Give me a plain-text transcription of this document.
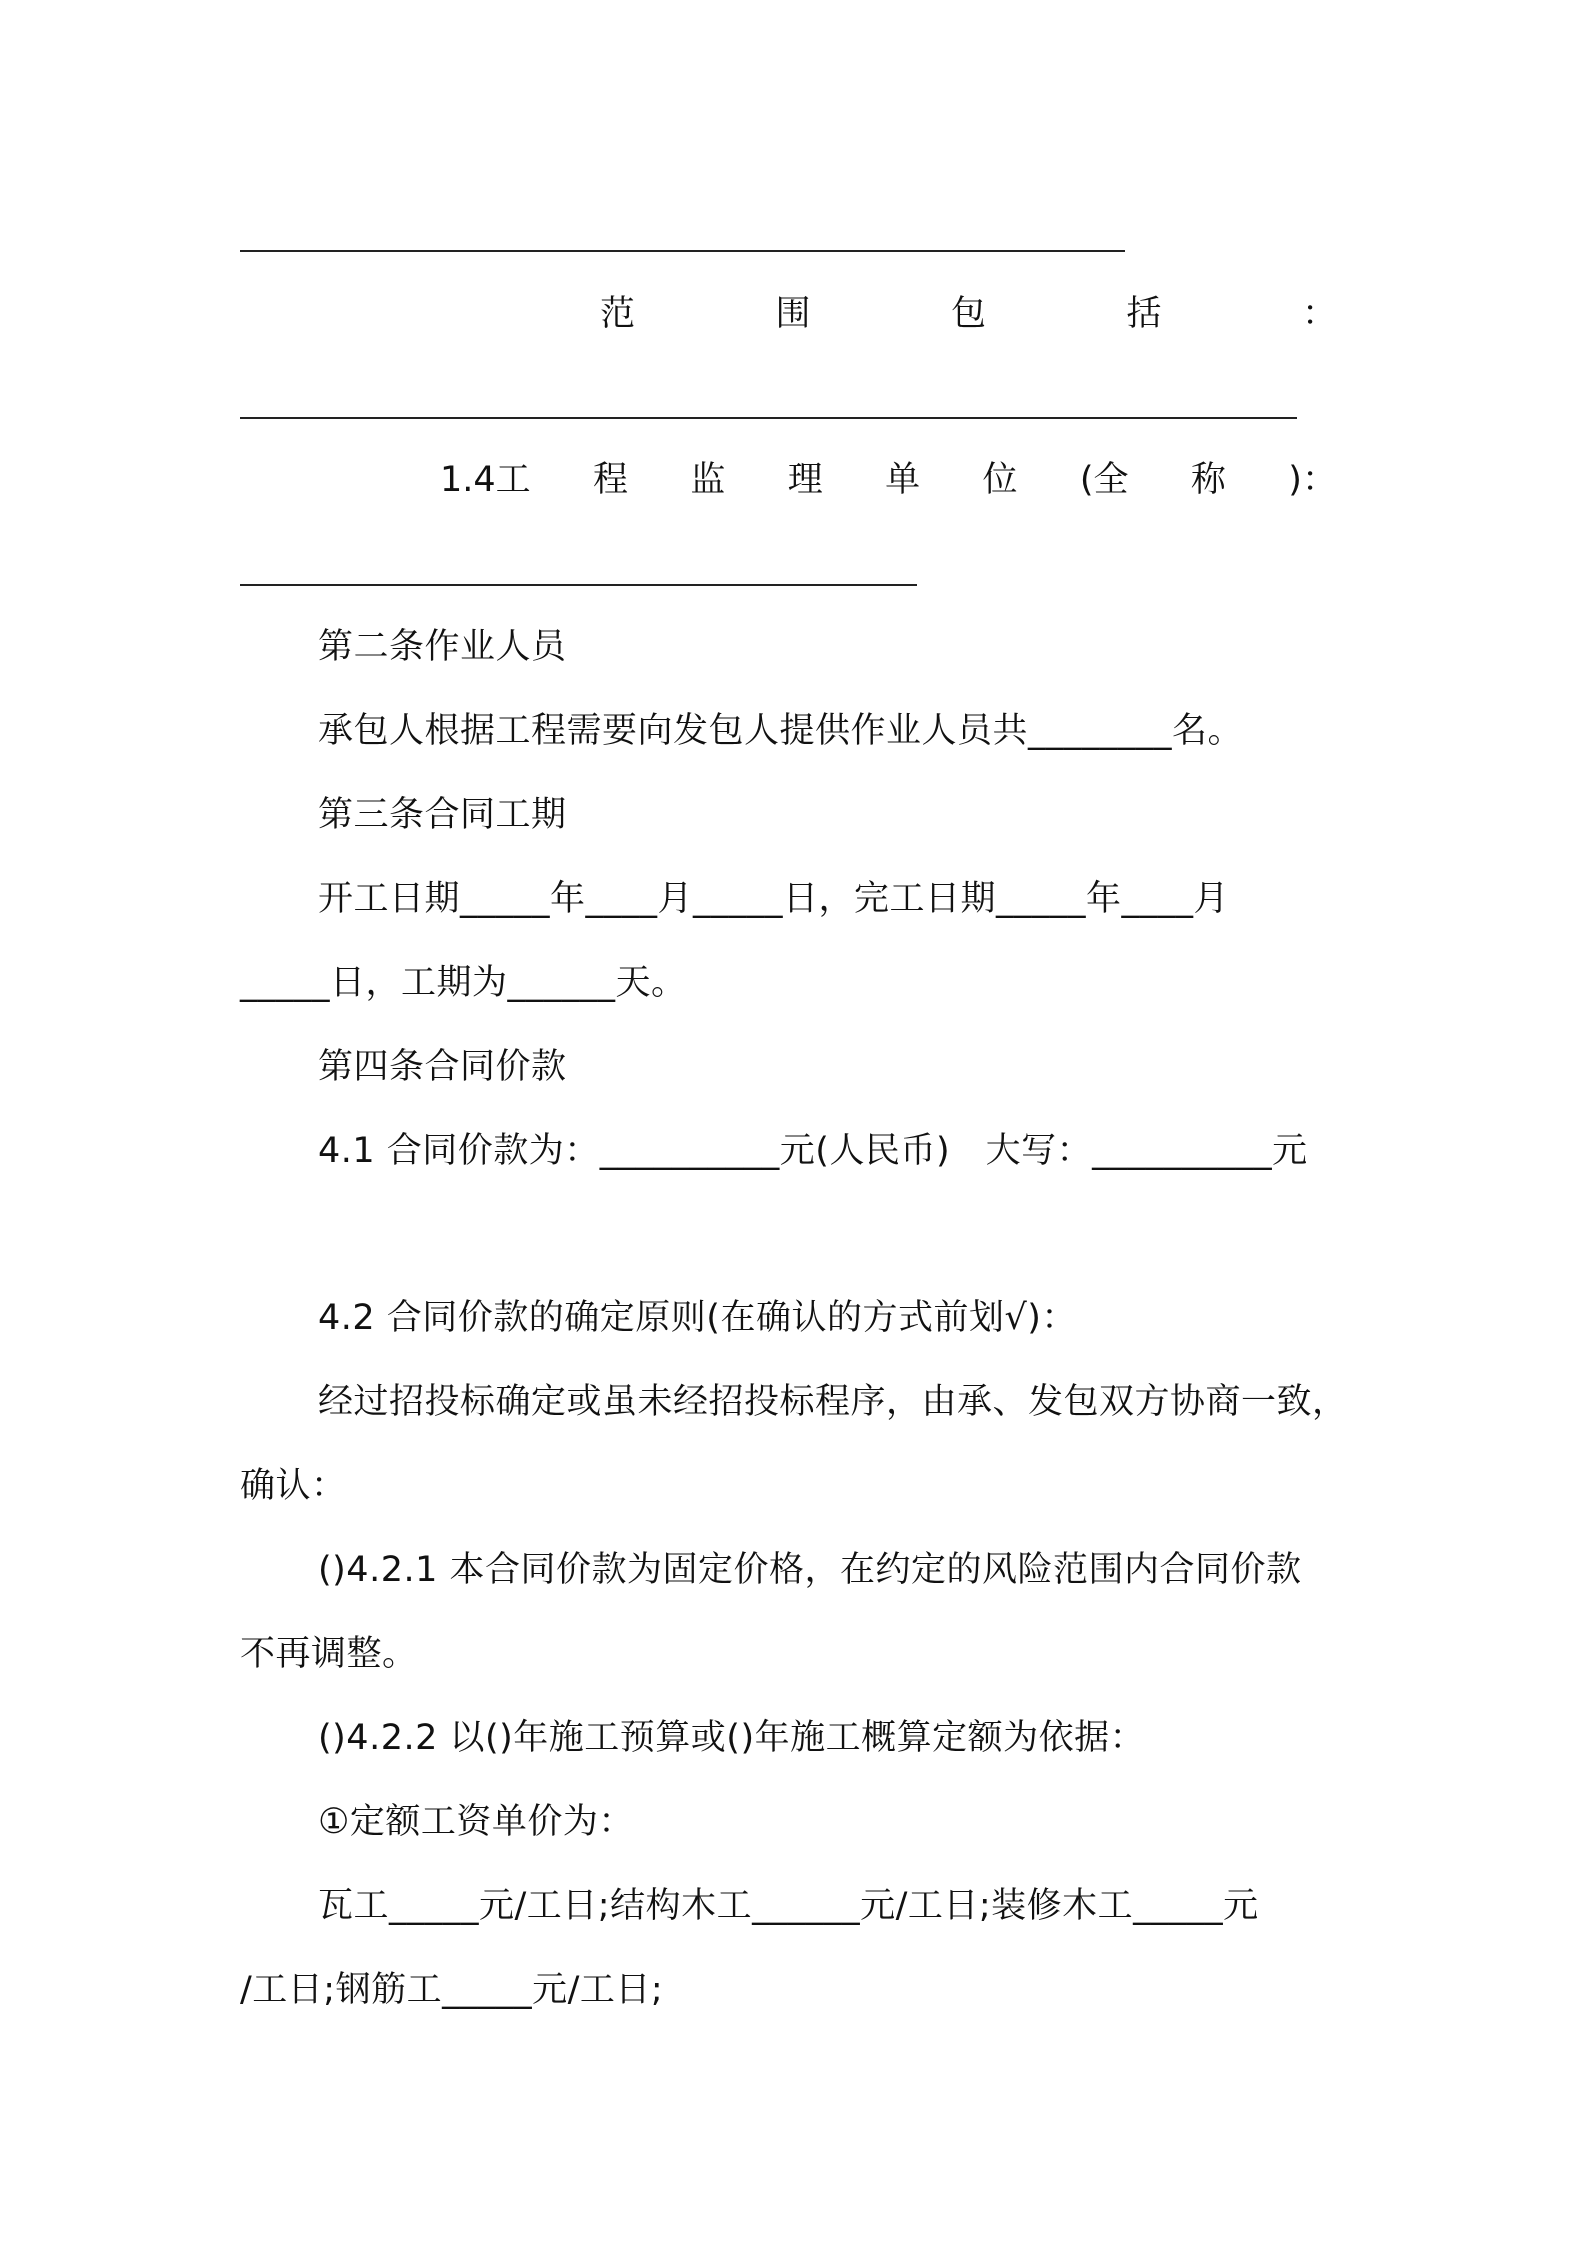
范	围	包	括	：
1.4工 程 监 理 单 位 (全 称 )：
第二条作业人员
承包人根据工程需要向发包人提供作业人员共________名。
第三条合同工期
开工日期_____年____月_____日，完工日期_____年____月
_____日，工期为______天。
第四条合同价款
4.1 合同价款为：__________元(人民币)　大写：__________元
4.2 合同价款的确定原则(在确认的方式前划√)：
经过招投标确定或虽未经招投标程序，由承、发包双方协商一致，
确认：
()4.2.1 本合同价款为固定价格，在约定的风险范围内合同价款
不再调整。
()4.2.2 以()年施工预算或()年施工概算定额为依据：
①定额工资单价为：
瓦工_____元/工日;结构木工______元/工日;装修木工_____元
/工日;钢筋工_____元/工日;
